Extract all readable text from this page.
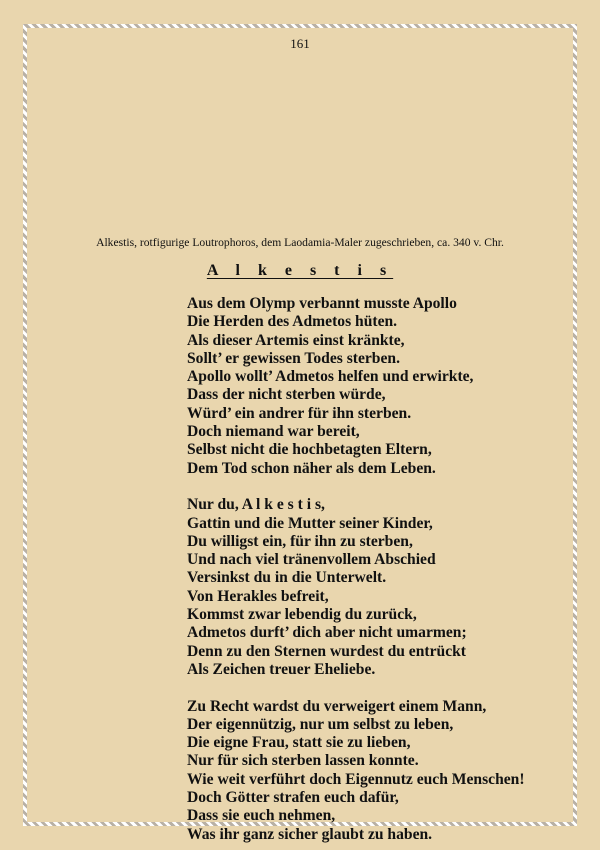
161
Alkestis, rotfigurige Loutrophoros, dem Laodamia-Maler zugeschrieben, ca. 340 v. Chr.
A l k e s t i s
Aus dem Olymp verbannt musste Apollo
Die Herden des Admetos hüten.
Als dieser Artemis einst kränkte,
Sollt’ er gewissen Todes sterben.
Apollo wollt’ Admetos helfen und erwirkte,
Dass der nicht sterben würde,
Würd’ ein andrer für ihn sterben.
Doch niemand war bereit,
Selbst nicht die hochbetagten Eltern,
Dem Tod schon näher als dem Leben.
Nur du, A l k e s t i s,
Gattin und die Mutter seiner Kinder,
Du willigst ein, für ihn zu sterben,
Und nach viel tränenvollem Abschied
Versinkst du in die Unterwelt.
Von Herakles befreit,
Kommst zwar lebendig du zurück,
Admetos durft’ dich aber nicht umarmen;
Denn zu den Sternen wurdest du entrückt
Als Zeichen treuer Eheliebe.
Zu Recht wardst du verweigert einem Mann,
Der eigennützig, nur um selbst zu leben,
Die eigne Frau, statt sie zu lieben,
Nur für sich sterben lassen konnte.
Wie weit verführt doch Eigennutz euch Menschen!
Doch Götter strafen euch dafür,
Dass sie euch nehmen,
Was ihr ganz sicher glaubt zu haben.
